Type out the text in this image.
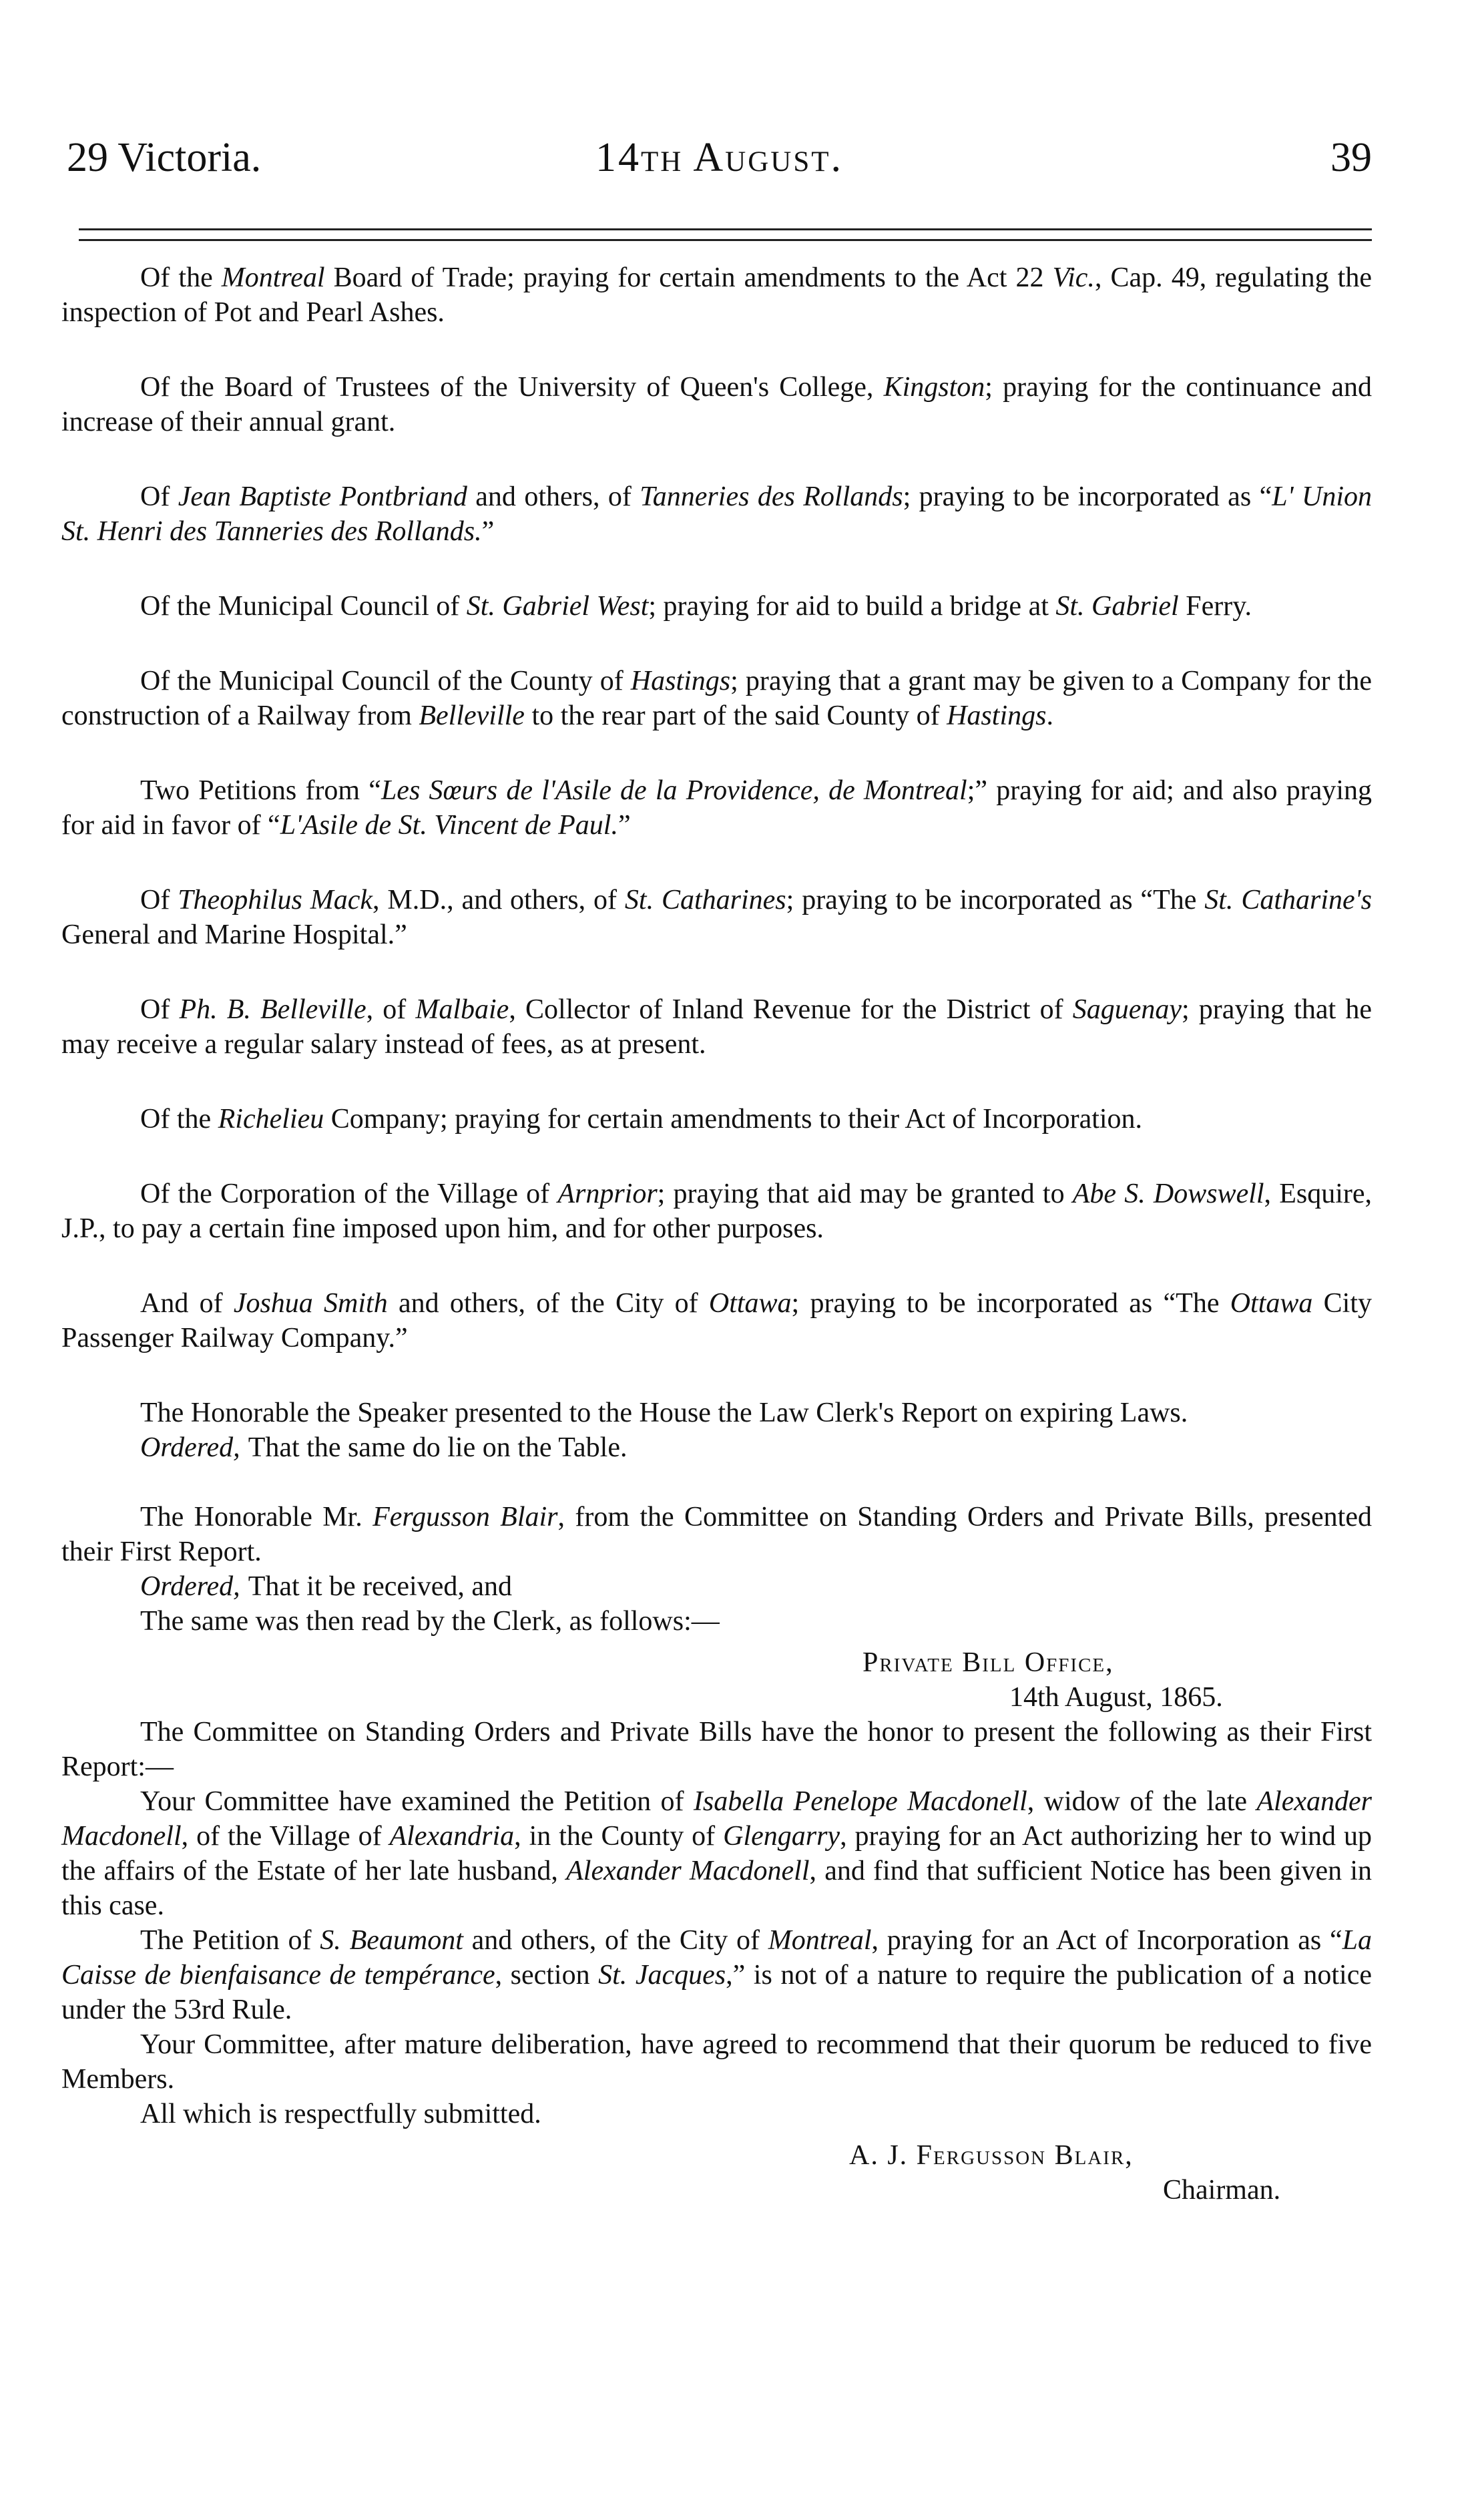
29 Victoria.	14th August.	39

Of the Montreal Board of Trade; praying for certain amendments to the Act 22 Vic., Cap. 49, regulating the inspection of Pot and Pearl Ashes.

Of the Board of Trustees of the University of Queen's College, Kingston; praying for the continuance and increase of their annual grant.

Of Jean Baptiste Pontbriand and others, of Tanneries des Rollands; praying to be incorporated as “L' Union St. Henri des Tanneries des Rollands.”

Of the Municipal Council of St. Gabriel West; praying for aid to build a bridge at St. Gabriel Ferry.

Of the Municipal Council of the County of Hastings; praying that a grant may be given to a Company for the construction of a Railway from Belleville to the rear part of the said County of Hastings.

Two Petitions from “Les Sœurs de l'Asile de la Providence, de Montreal;” praying for aid; and also praying for aid in favor of “L'Asile de St. Vincent de Paul.”

Of Theophilus Mack, M.D., and others, of St. Catharines; praying to be incorporated as “The St. Catharine's General and Marine Hospital.”

Of Ph. B. Belleville, of Malbaie, Collector of Inland Revenue for the District of Saguenay; praying that he may receive a regular salary instead of fees, as at present.

Of the Richelieu Company; praying for certain amendments to their Act of Incorporation.

Of the Corporation of the Village of Arnprior; praying that aid may be granted to Abe S. Dowswell, Esquire, J.P., to pay a certain fine imposed upon him, and for other purposes.

And of Joshua Smith and others, of the City of Ottawa; praying to be incorporated as “The Ottawa City Passenger Railway Company.”

The Honorable the Speaker presented to the House the Law Clerk's Report on expiring Laws.

Ordered, That the same do lie on the Table.

The Honorable Mr. Fergusson Blair, from the Committee on Standing Orders and Private Bills, presented their First Report.

Ordered, That it be received, and

The same was then read by the Clerk, as follows:—

Private Bill Office,

14th August, 1865.

The Committee on Standing Orders and Private Bills have the honor to present the following as their First Report:—

Your Committee have examined the Petition of Isabella Penelope Macdonell, widow of the late Alexander Macdonell, of the Village of Alexandria, in the County of Glengarry, praying for an Act authorizing her to wind up the affairs of the Estate of her late husband, Alexander Macdonell, and find that sufficient Notice has been given in this case.

The Petition of S. Beaumont and others, of the City of Montreal, praying for an Act of Incorporation as “La Caisse de bienfaisance de tempérance, section St. Jacques,” is not of a nature to require the publication of a notice under the 53rd Rule.

Your Committee, after mature deliberation, have agreed to recommend that their quorum be reduced to five Members.

All which is respectfully submitted.

A. J. Fergusson Blair,

Chairman.
